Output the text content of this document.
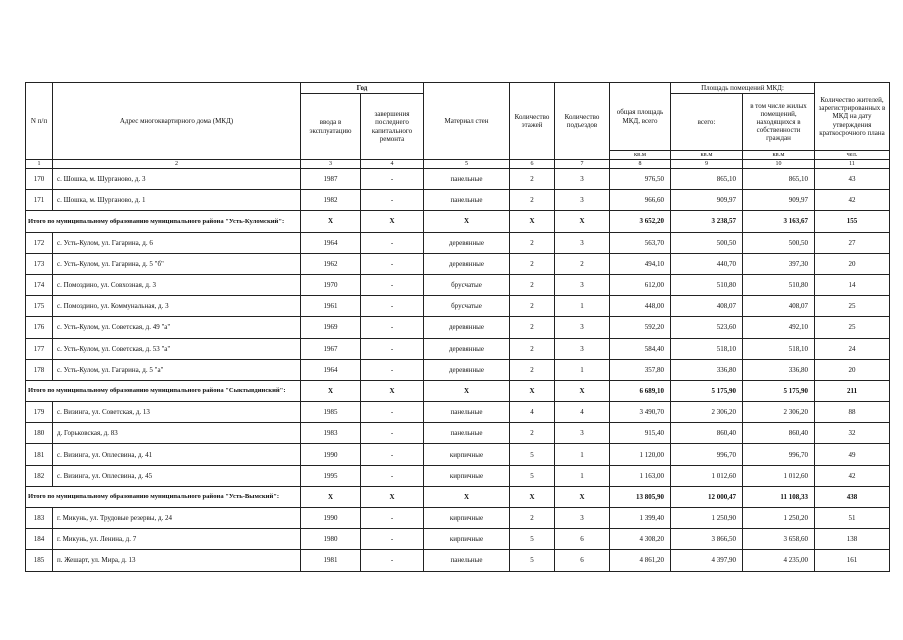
N п/п	Адрес многоквартирного дома (МКД)	Год		Материал стен	Количество этажей	Количество подъездов	общая площадь МКД, всего	Площадь помещений МКД:		Количество жителей, зарегистрированных в МКД на дату утверждения краткосрочного плана
		ввода в эксплуатацию	завершения последнего капитального ремонта					всего:	в том числе жилых помещений, находящихся в собственности граждан	
							кв.м	кв.м	кв.м	чел.
1	2	3	4	5	6	7	8	9	10	11
170	с. Шошка, м. Шурганово, д. 3	1987	-	панельные	2	3	976,50	865,10	865,10	43
171	с. Шошка, м. Шурганово, д. 1	1982	-	панельные	2	3	966,60	909,97	909,97	42
Итого по муниципальному образованию муниципального района "Усть-Куломский":		X	X	X	X	X	3 652,20	3 238,57	3 163,67	155
172	с. Усть-Кулом, ул. Гагарина, д. 6	1964	-	деревянные	2	3	563,70	500,50	500,50	27
173	с. Усть-Кулом, ул. Гагарина, д. 5 "б"	1962	-	деревянные	2	2	494,10	440,70	397,30	20
174	с. Помоздино, ул. Совхозная, д. 3	1970	-	брусчатые	2	3	612,00	510,80	510,80	14
175	с. Помоздино, ул. Коммунальная, д. 3	1961	-	брусчатые	2	1	448,00	408,07	408,07	25
176	с. Усть-Кулом, ул. Советская, д. 49 "а"	1969	-	деревянные	2	3	592,20	523,60	492,10	25
177	с. Усть-Кулом, ул. Советская, д. 53 "а"	1967	-	деревянные	2	3	584,40	518,10	518,10	24
178	с. Усть-Кулом, ул. Гагарина, д. 5 "а"	1964	-	деревянные	2	1	357,80	336,80	336,80	20
Итого по муниципальному образованию муниципального района "Сыктывдинский":		X	X	X	X	X	6 689,10	5 175,90	5 175,90	211
179	с. Визинга, ул. Советская, д. 13	1985	-	панельные	4	4	3 490,70	2 306,20	2 306,20	88
180	д. Горьковская, д. 83	1983	-	панельные	2	3	915,40	860,40	860,40	32
181	с. Визинга, ул. Оплесвина, д. 41	1990	-	кирпичные	5	1	1 120,00	996,70	996,70	49
182	с. Визинга, ул. Оплесвина, д. 45	1995	-	кирпичные	5	1	1 163,00	1 012,60	1 012,60	42
Итого по муниципальному образованию муниципального района "Усть-Вымский":		X	X	X	X	X	13 805,90	12 000,47	11 108,33	438
183	г. Микунь, ул. Трудовые резервы, д. 24	1990	-	кирпичные	2	3	1 399,40	1 250,90	1 250,20	51
184	г. Микунь, ул. Ленина, д. 7	1980	-	кирпичные	5	6	4 308,20	3 866,50	3 658,60	138
185	п. Жешарт, ул. Мира, д. 13	1981	-	панельные	5	6	4 861,20	4 397,90	4 235,00	161
